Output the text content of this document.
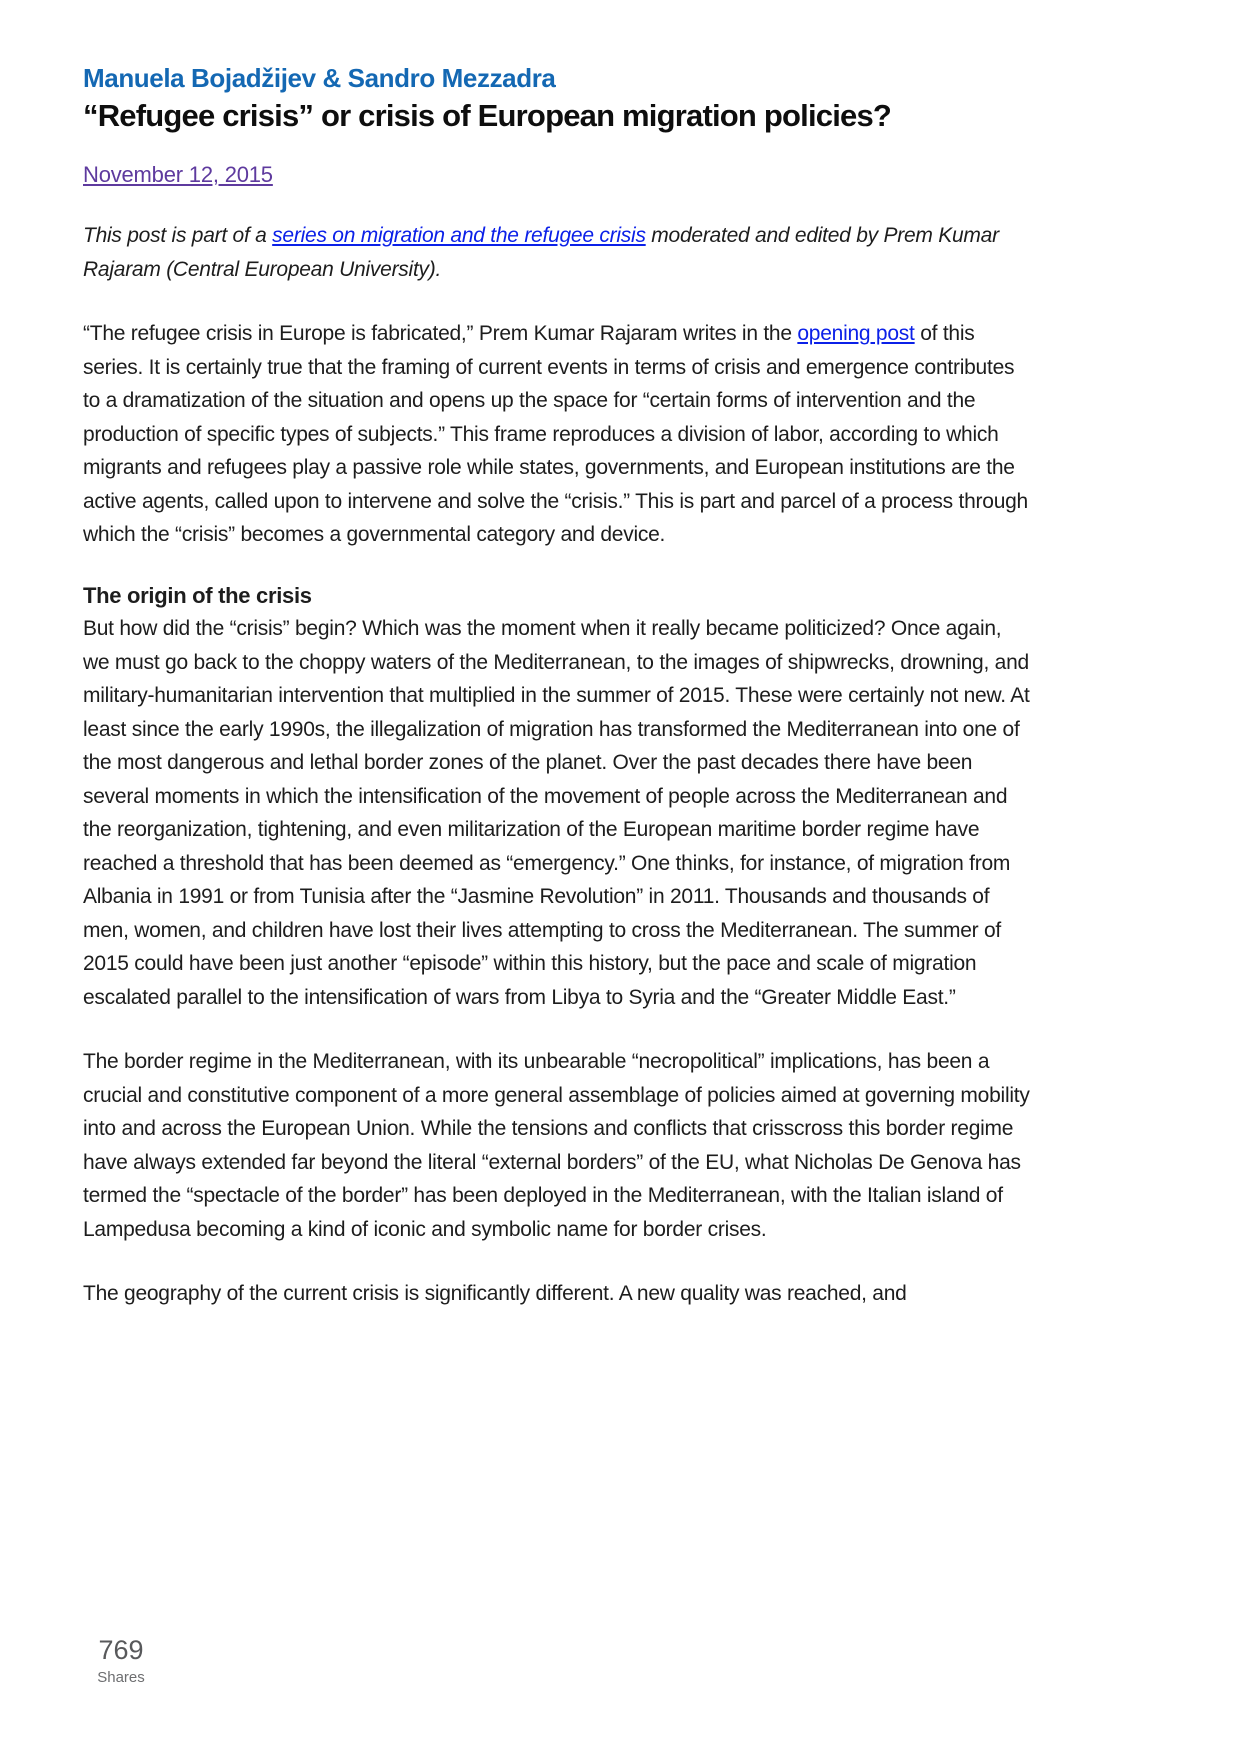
Manuela Bojadžijev & Sandro Mezzadra
“Refugee crisis” or crisis of European migration policies?
November 12, 2015

This post is part of a series on migration and the refugee crisis moderated and edited by Prem Kumar Rajaram (Central European University).

“The refugee crisis in Europe is fabricated,” Prem Kumar Rajaram writes in the opening post of this series. It is certainly true that the framing of current events in terms of crisis and emergence contributes to a dramatization of the situation and opens up the space for “certain forms of intervention and the production of specific types of subjects.” This frame reproduces a division of labor, according to which migrants and refugees play a passive role while states, governments, and European institutions are the active agents, called upon to intervene and solve the “crisis.” This is part and parcel of a process through which the “crisis” becomes a governmental category and device.

The origin of the crisis

But how did the “crisis” begin? Which was the moment when it really became politicized? Once again, we must go back to the choppy waters of the Mediterranean, to the images of shipwrecks, drowning, and military-humanitarian intervention that multiplied in the summer of 2015. These were certainly not new. At least since the early 1990s, the illegalization of migration has transformed the Mediterranean into one of the most dangerous and lethal border zones of the planet. Over the past decades there have been several moments in which the intensification of the movement of people across the Mediterranean and the reorganization, tightening, and even militarization of the European maritime border regime have reached a threshold that has been deemed as “emergency.” One thinks, for instance, of migration from Albania in 1991 or from Tunisia after the “Jasmine Revolution” in 2011. Thousands and thousands of men, women, and children have lost their lives attempting to cross the Mediterranean. The summer of 2015 could have been just another “episode” within this history, but the pace and scale of migration escalated parallel to the intensification of wars from Libya to Syria and the “Greater Middle East.”

The border regime in the Mediterranean, with its unbearable “necropolitical” implications, has been a crucial and constitutive component of a more general assemblage of policies aimed at governing mobility into and across the European Union. While the tensions and conflicts that crisscross this border regime have always extended far beyond the literal “external borders” of the EU, what Nicholas De Genova has termed the “spectacle of the border” has been deployed in the Mediterranean, with the Italian island of Lampedusa becoming a kind of iconic and symbolic name for border crises.

The geography of the current crisis is significantly different. A new quality was reached, and

769
Shares
